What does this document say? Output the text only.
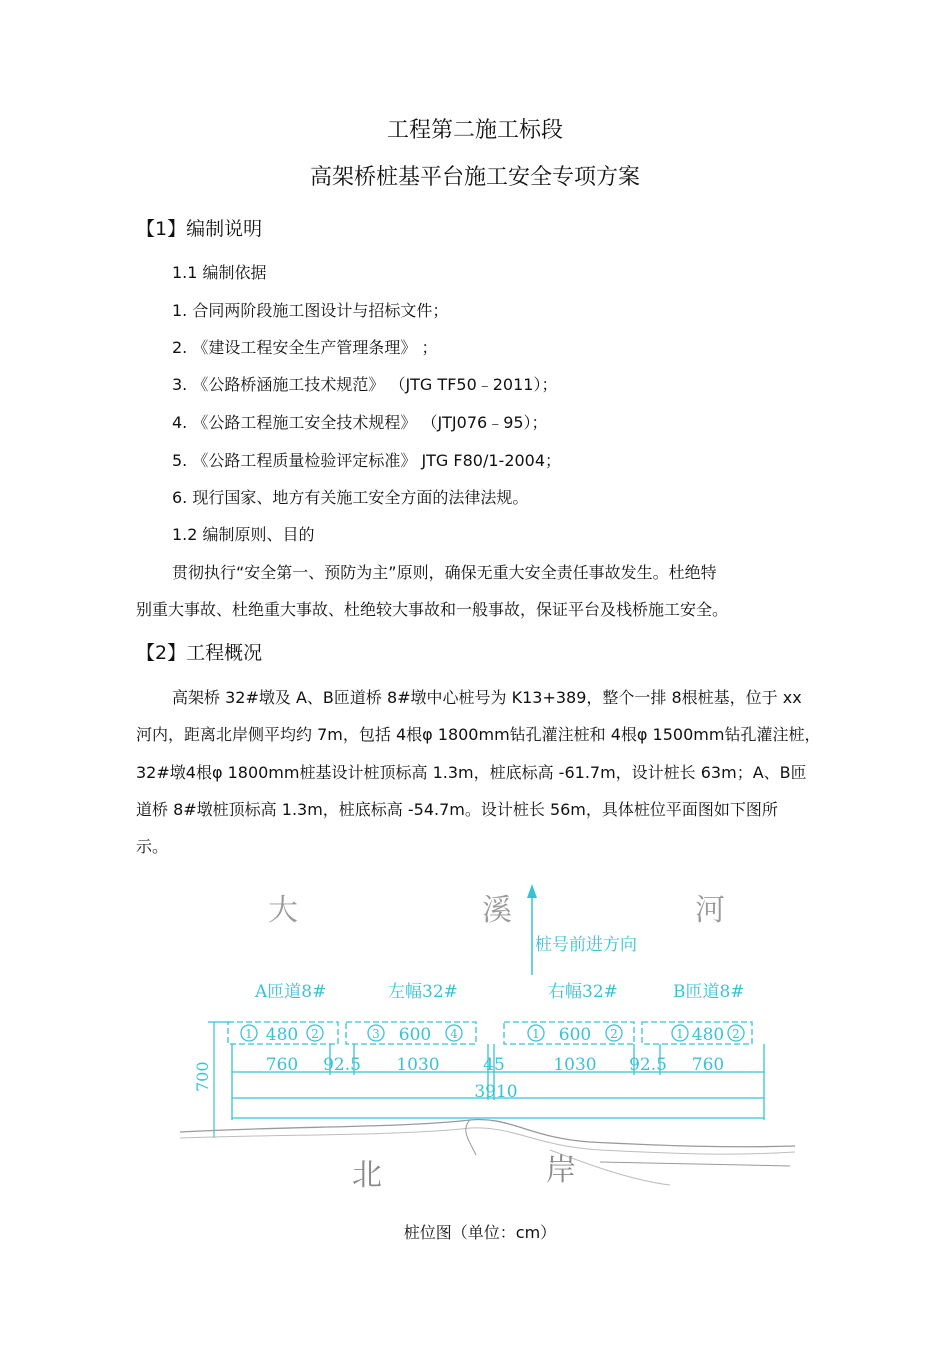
工程第二施工标段
高架桥桩基平台施工安全专项方案
【1】编制说明
1.1 编制依据
1. 合同两阶段施工图设计与招标文件；
2. 《建设工程安全生产管理条理》 ；
3. 《公路桥涵施工技术规范》 （JTG TF50﹣2011）；
4. 《公路工程施工安全技术规程》 （JTJ076﹣95）；
5. 《公路工程质量检验评定标准》 JTG F80/1-2004；
6. 现行国家、地方有关施工安全方面的法律法规。
1.2 编制原则、目的
贯彻执行“安全第一、预防为主”原则，确保无重大安全责任事故发生。杜绝特
别重大事故、杜绝重大事故、杜绝较大事故和一般事故，保证平台及栈桥施工安全。
【2】工程概况
高架桥 32#墩及 A、B匝道桥 8#墩中心桩号为 K13+389，整个一排 8根桩基，位于 xx
河内，距离北岸侧平均约 7m，包括 4根φ 1800mm钻孔灌注桩和 4根φ 1500mm钻孔灌注桩，
32#墩4根φ 1800mm桩基设计桩顶标高 1.3m，桩底标高 -61.7m，设计桩长 63m；A、B匝
道桥 8#墩桩顶标高 1.3m，桩底标高 -54.7m。设计桩长 56m，具体桩位平面图如下图所
示。
大	溪	河
桩号前进方向
A匝道8#	左幅32#	右幅32#	B匝道8#
1	2	3	4	1	2	1	2
480	600	600	480
760 92.5 1030	45	1030 92.5 760
3910
700
北	岸
桩位图（单位：cm）
